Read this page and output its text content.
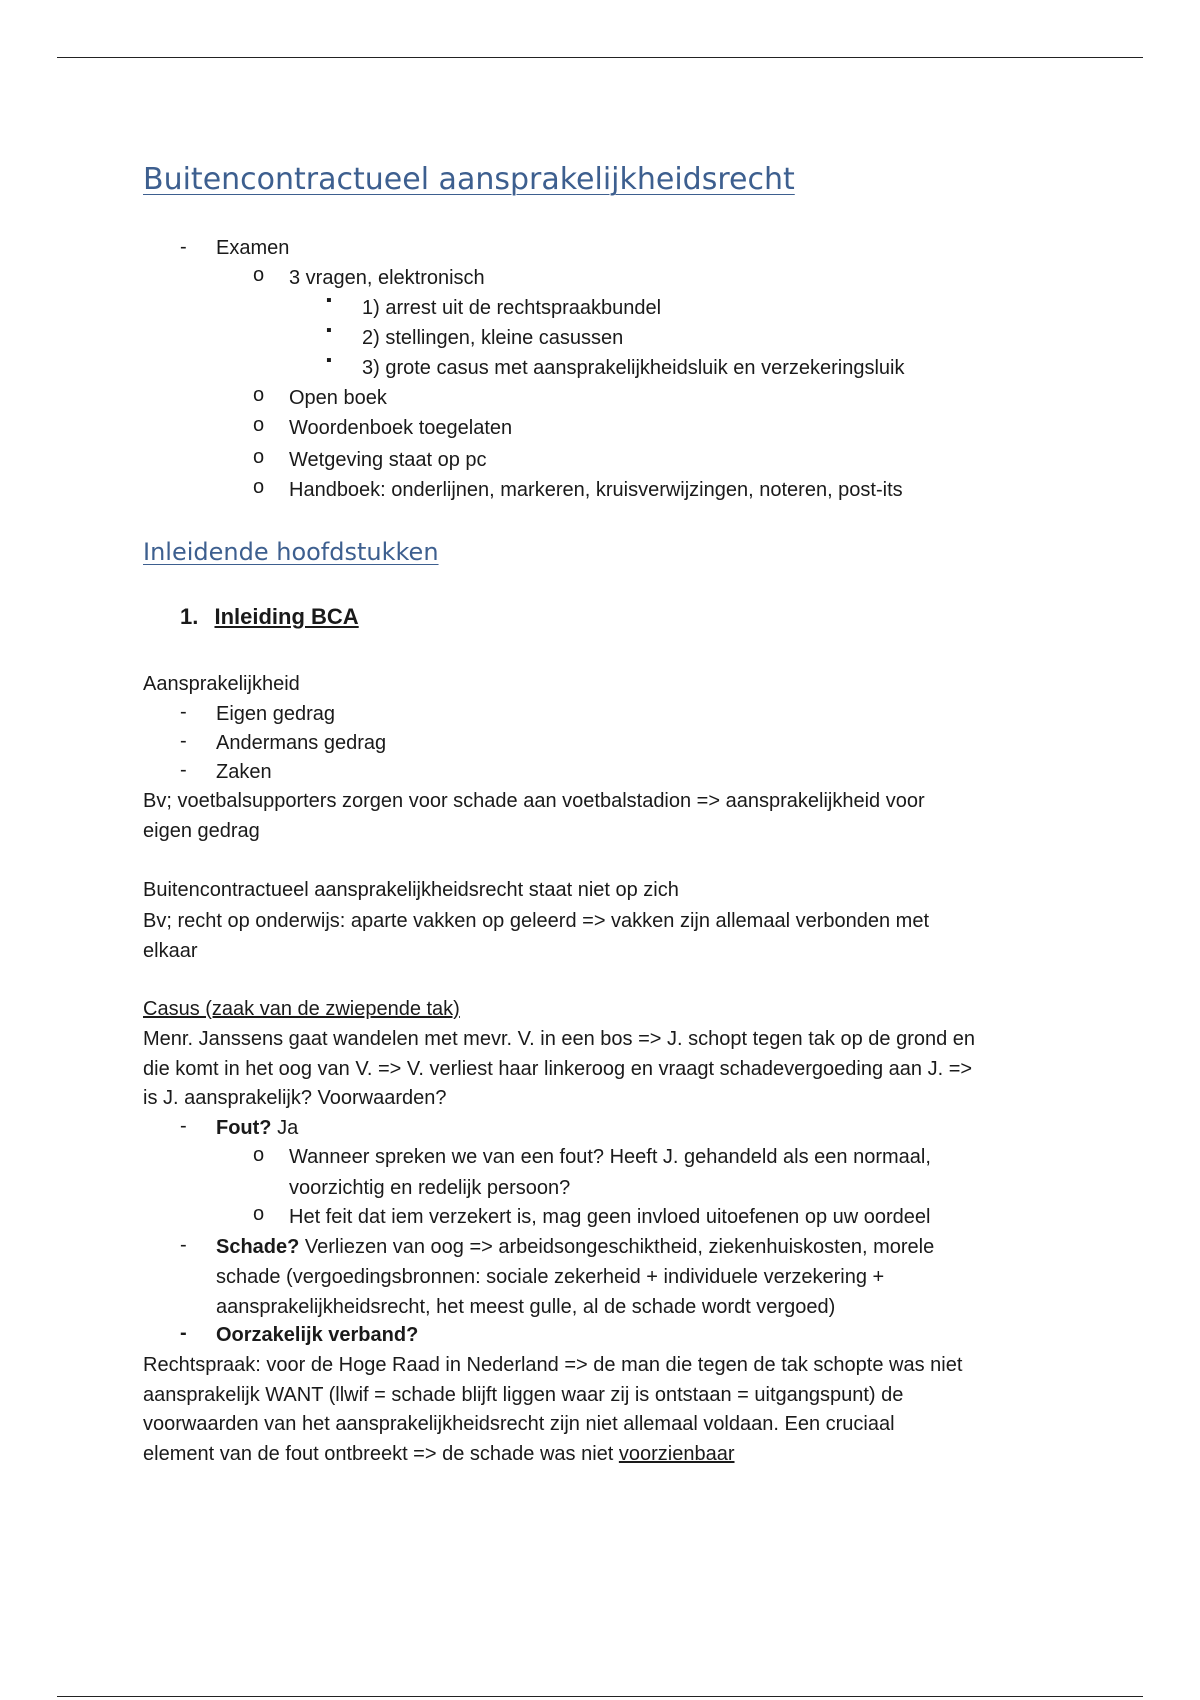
Buitencontractueel aansprakelijkheidsrecht
- Examen
o 3 vragen, elektronisch
▪ 1) arrest uit de rechtspraakbundel
▪ 2) stellingen, kleine casussen
▪ 3) grote casus met aansprakelijkheidsluik en verzekeringsluik
o Open boek
o Woordenboek toegelaten
o Wetgeving staat op pc
o Handboek: onderlijnen, markeren, kruisverwijzingen, noteren, post-its
Inleidende hoofdstukken
1. Inleiding BCA
Aansprakelijkheid
- Eigen gedrag
- Andermans gedrag
- Zaken
Bv; voetbalsupporters zorgen voor schade aan voetbalstadion => aansprakelijkheid voor
eigen gedrag
Buitencontractueel aansprakelijkheidsrecht staat niet op zich
Bv; recht op onderwijs: aparte vakken op geleerd => vakken zijn allemaal verbonden met
elkaar
Casus (zaak van de zwiepende tak)
Menr. Janssens gaat wandelen met mevr. V. in een bos => J. schopt tegen tak op de grond en
die komt in het oog van V. => V. verliest haar linkeroog en vraagt schadevergoeding aan J. =>
is J. aansprakelijk? Voorwaarden?
- Fout? Ja
o Wanneer spreken we van een fout? Heeft J. gehandeld als een normaal,
voorzichtig en redelijk persoon?
o Het feit dat iem verzekert is, mag geen invloed uitoefenen op uw oordeel
- Schade? Verliezen van oog => arbeidsongeschiktheid, ziekenhuiskosten, morele
schade (vergoedingsbronnen: sociale zekerheid + individuele verzekering +
aansprakelijkheidsrecht, het meest gulle, al de schade wordt vergoed)
- Oorzakelijk verband?
Rechtspraak: voor de Hoge Raad in Nederland => de man die tegen de tak schopte was niet
aansprakelijk WANT (llwif = schade blijft liggen waar zij is ontstaan = uitgangspunt) de
voorwaarden van het aansprakelijkheidsrecht zijn niet allemaal voldaan. Een cruciaal
element van de fout ontbreekt => de schade was niet voorzienbaar
